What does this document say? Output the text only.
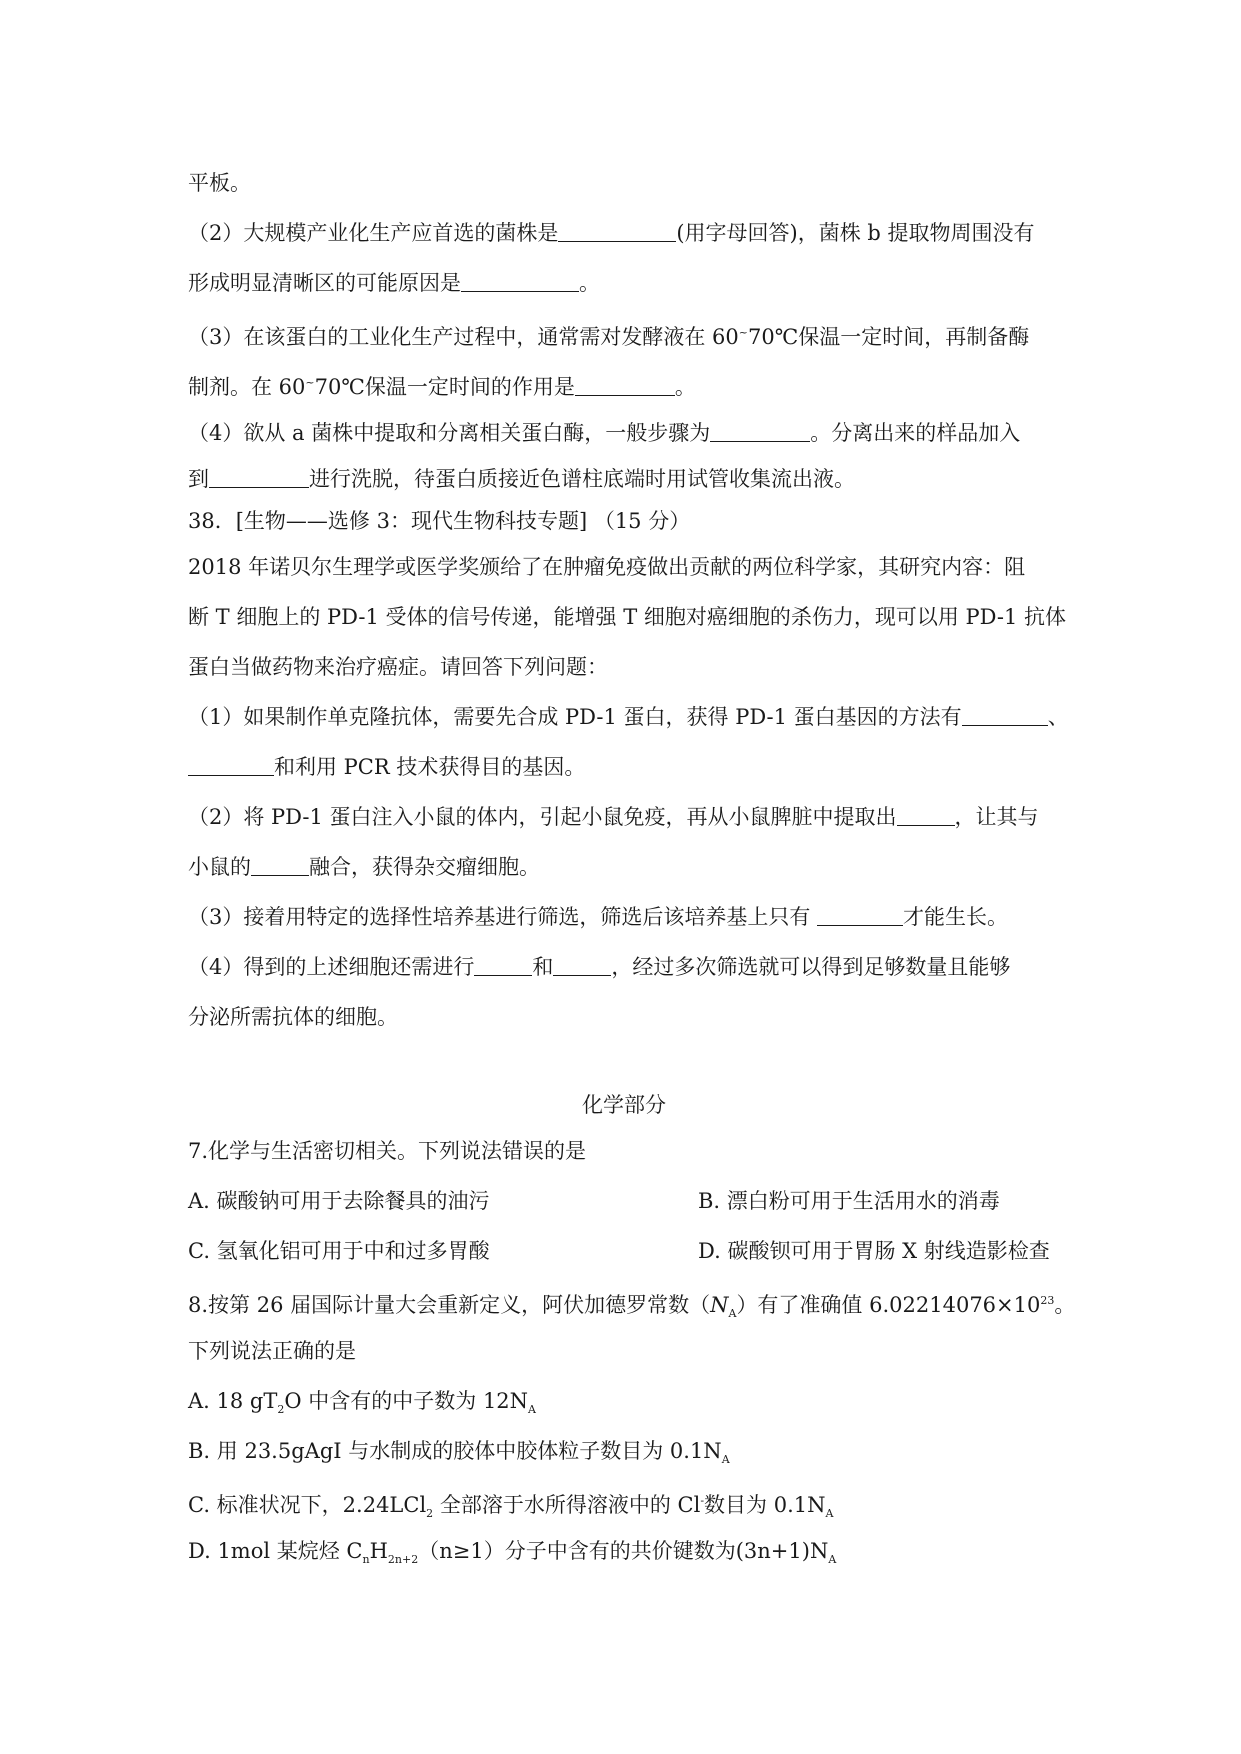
平板。
（2）大规模产业化生产应首选的菌株是	(用字母回答)，菌株 b 提取物周围没有
形成明显清晰区的可能原因是	。
（3）在该蛋白的工业化生产过程中，通常需对发酵液在 60~70℃保温一定时间，再制备酶
制剂。在 60~70℃保温一定时间的作用是	。
（4）欲从 a 菌株中提取和分离相关蛋白酶，一般步骤为	。分离出来的样品加入
到	进行洗脱，待蛋白质接近色谱柱底端时用试管收集流出液。
38．[生物——选修 3：现代生物科技专题] （15 分）
2018 年诺贝尔生理学或医学奖颁给了在肿瘤免疫做出贡献的两位科学家，其研究内容：阻
断 T 细胞上的 PD-1 受体的信号传递，能增强 T 细胞对癌细胞的杀伤力，现可以用 PD-1 抗体
蛋白当做药物来治疗癌症。请回答下列问题：
（1）如果制作单克隆抗体，需要先合成 PD-1 蛋白，获得 PD-1 蛋白基因的方法有	、
和利用 PCR 技术获得目的基因。
（2）将 PD-1 蛋白注入小鼠的体内，引起小鼠免疫，再从小鼠脾脏中提取出	，让其与
小鼠的	融合，获得杂交瘤细胞。
（3）接着用特定的选择性培养基进行筛选，筛选后该培养基上只有	才能生长。
（4）得到的上述细胞还需进行	和	，经过多次筛选就可以得到足够数量且能够
分泌所需抗体的细胞。
化学部分
7.化学与生活密切相关。下列说法错误的是
A. 碳酸钠可用于去除餐具的油污	B. 漂白粉可用于生活用水的消毒
C. 氢氧化铝可用于中和过多胃酸	D. 碳酸钡可用于胃肠 X 射线造影检查
8.按第 26 届国际计量大会重新定义，阿伏加德罗常数$(N_A)$有了准确值 $6.02214076\times 10^{23}$。
下列说法正确的是
A. 18 $gT_2O$ 中含有的中子数为 $12N_A$
B. 用 23.5gAgI 与水制成的胶体中胶体粒子数目为 $0.1N_A$
C. 标准状况下，2.24LCl$_2$ 全部溶于水所得溶液中的 Cl-数目为 $0.1N_A$
D. 1mol 某烷烃 $C_nH_{2n+2}(n\ge 1)$分子中含有的共价键数为$(3n+1)N_A$
